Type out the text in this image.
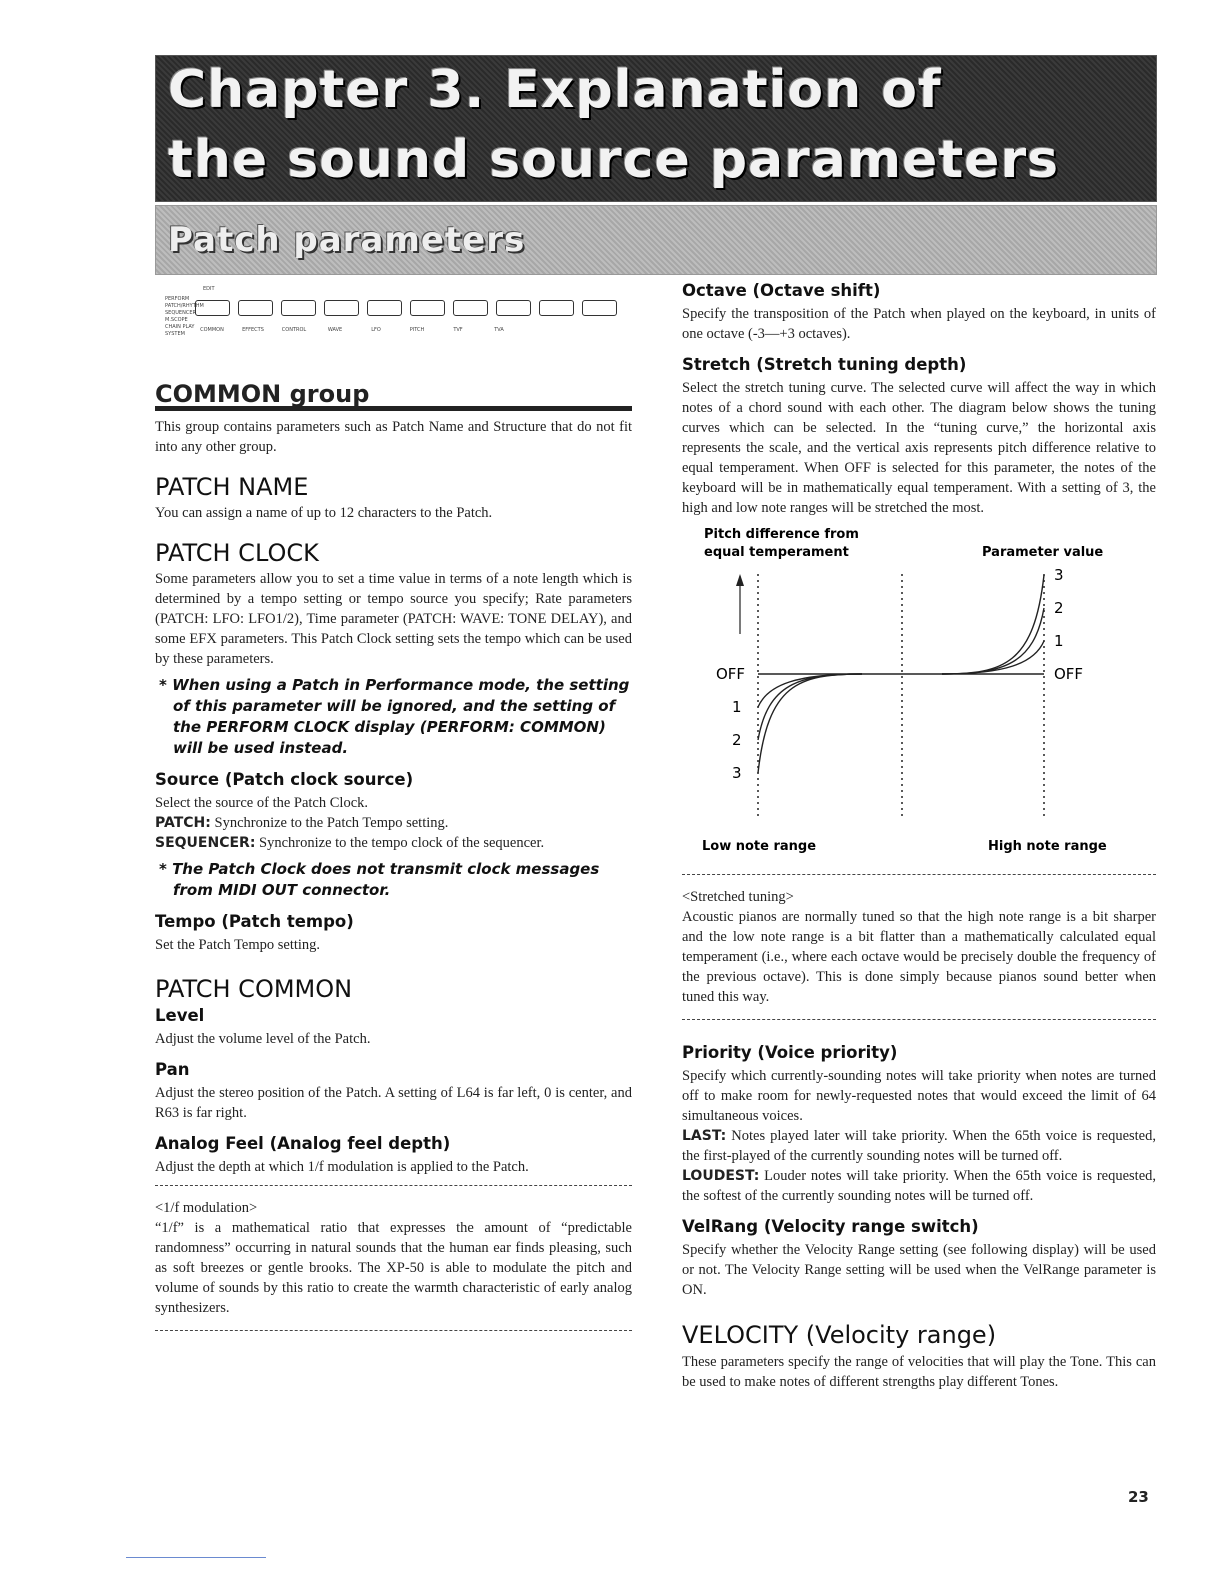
Chapter 3. Explanation of
the sound source parameters
Patch parameters
EDIT
PERFORM
PATCH/RHYTHM
SEQUENCER
M.SCOPE
CHAIN PLAY
SYSTEM
COMMON	EFFECTS	CONTROL	WAVE	LFO	PITCH	TVF	TVA
COMMON group

This group contains parameters such as Patch Name and Structure that do not fit into any other group.

PATCH NAME

You can assign a name of up to 12 characters to the Patch.

PATCH CLOCK

Some parameters allow you to set a time value in terms of a note length which is determined by a tempo setting or tempo source you specify; Rate parameters (PATCH: LFO: LFO1/2), Time parameter (PATCH: WAVE: TONE DELAY), and some EFX parameters. This Patch Clock setting sets the tempo which can be used by these parameters.

* When using a Patch in Performance mode, the setting of this parameter will be ignored, and the setting of the PERFORM CLOCK display (PERFORM: COMMON) will be used instead.
Source (Patch clock source)

Select the source of the Patch Clock.

PATCH: Synchronize to the Patch Tempo setting.

SEQUENCER: Synchronize to the tempo clock of the sequencer.

* The Patch Clock does not transmit clock messages from MIDI OUT connector.
Tempo (Patch tempo)

Set the Patch Tempo setting.

PATCH COMMON
Level

Adjust the volume level of the Patch.

Pan

Adjust the stereo position of the Patch. A setting of L64 is far left, 0 is center, and R63 is far right.

Analog Feel (Analog feel depth)

Adjust the depth at which 1/f modulation is applied to the Patch.

<1/f modulation>

“1/f” is a mathematical ratio that expresses the amount of “predictable randomness” occurring in natural sounds that the human ear finds pleasing, such as soft breezes or gentle brooks. The XP-50 is able to modulate the pitch and volume of sounds by this ratio to create the warmth characteristic of early analog synthesizers.

Octave (Octave shift)

Specify the transposition of the Patch when played on the keyboard, in units of one octave (-3—+3 octaves).

Stretch (Stretch tuning depth)

Select the stretch tuning curve. The selected curve will affect the way in which notes of a chord sound with each other. The diagram below shows the tuning curves which can be selected. In the “tuning curve,” the horizontal axis represents the scale, and the vertical axis represents pitch difference relative to equal temperament. When OFF is selected for this parameter, the notes of the keyboard will be in mathematically equal temperament. With a setting of 3, the high and low note ranges will be stretched the most.

Pitch difference from
equal temperament	Parameter value
OFF
1
2
3
3
2
1
OFF
Low note range	High note range

<Stretched tuning>

Acoustic pianos are normally tuned so that the high note range is a bit sharper and the low note range is a bit flatter than a mathematically calculated equal temperament (i.e., where each octave would be precisely double the frequency of the previous octave). This is done simply because pianos sound better when tuned this way.

Priority (Voice priority)

Specify which currently-sounding notes will take priority when notes are turned off to make room for newly-requested notes that would exceed the limit of 64 simultaneous voices.

LAST: Notes played later will take priority. When the 65th voice is requested, the first-played of the currently sounding notes will be turned off.

LOUDEST: Louder notes will take priority. When the 65th voice is requested, the softest of the currently sounding notes will be turned off.

VelRang (Velocity range switch)

Specify whether the Velocity Range setting (see following display) will be used or not. The Velocity Range setting will be used when the VelRange parameter is ON.

VELOCITY (Velocity range)

These parameters specify the range of velocities that will play the Tone. This can be used to make notes of different strengths play different Tones.

23
